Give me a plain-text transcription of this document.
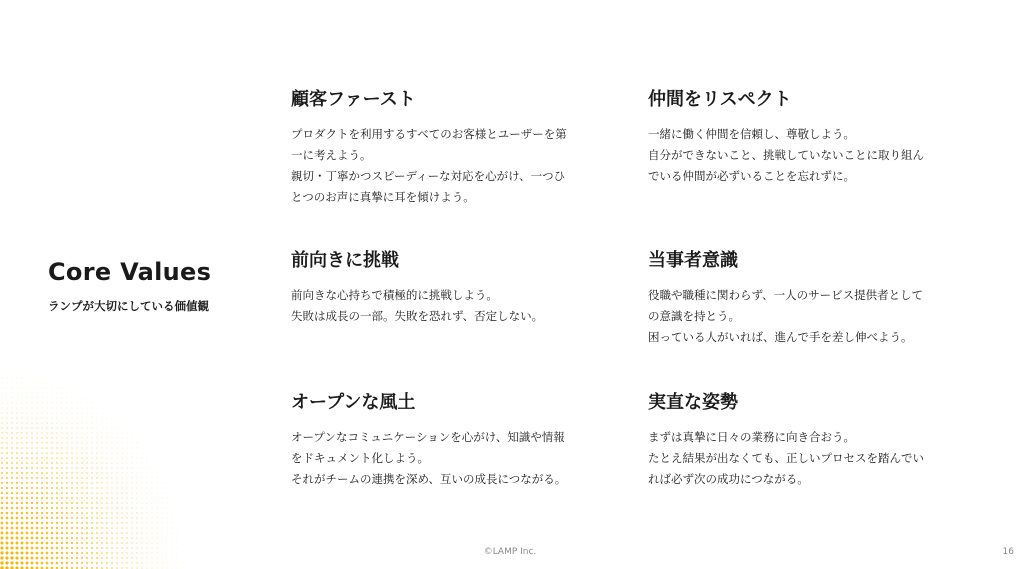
Core Values
ランプが大切にしている価値観
顧客ファースト

プロダクトを利用するすべてのお客様とユーザーを第

一に考えよう。

親切・丁寧かつスピーディーな対応を心がけ、一つひ

とつのお声に真摯に耳を傾けよう。

仲間をリスペクト

一緒に働く仲間を信頼し、尊敬しよう。

自分ができないこと、挑戦していないことに取り組ん

でいる仲間が必ずいることを忘れずに。

前向きに挑戦

前向きな心持ちで積極的に挑戦しよう。

失敗は成長の一部。失敗を恐れず、否定しない。

当事者意識

役職や職種に関わらず、一人のサービス提供者として

の意識を持とう。

困っている人がいれば、進んで手を差し伸べよう。

オープンな風土

オープンなコミュニケーションを心がけ、知識や情報

をドキュメント化しよう。

それがチームの連携を深め、互いの成長につながる。

実直な姿勢

まずは真摯に日々の業務に向き合おう。

たとえ結果が出なくても、正しいプロセスを踏んでい

れば必ず次の成功につながる。

©LAMP Inc.	16
